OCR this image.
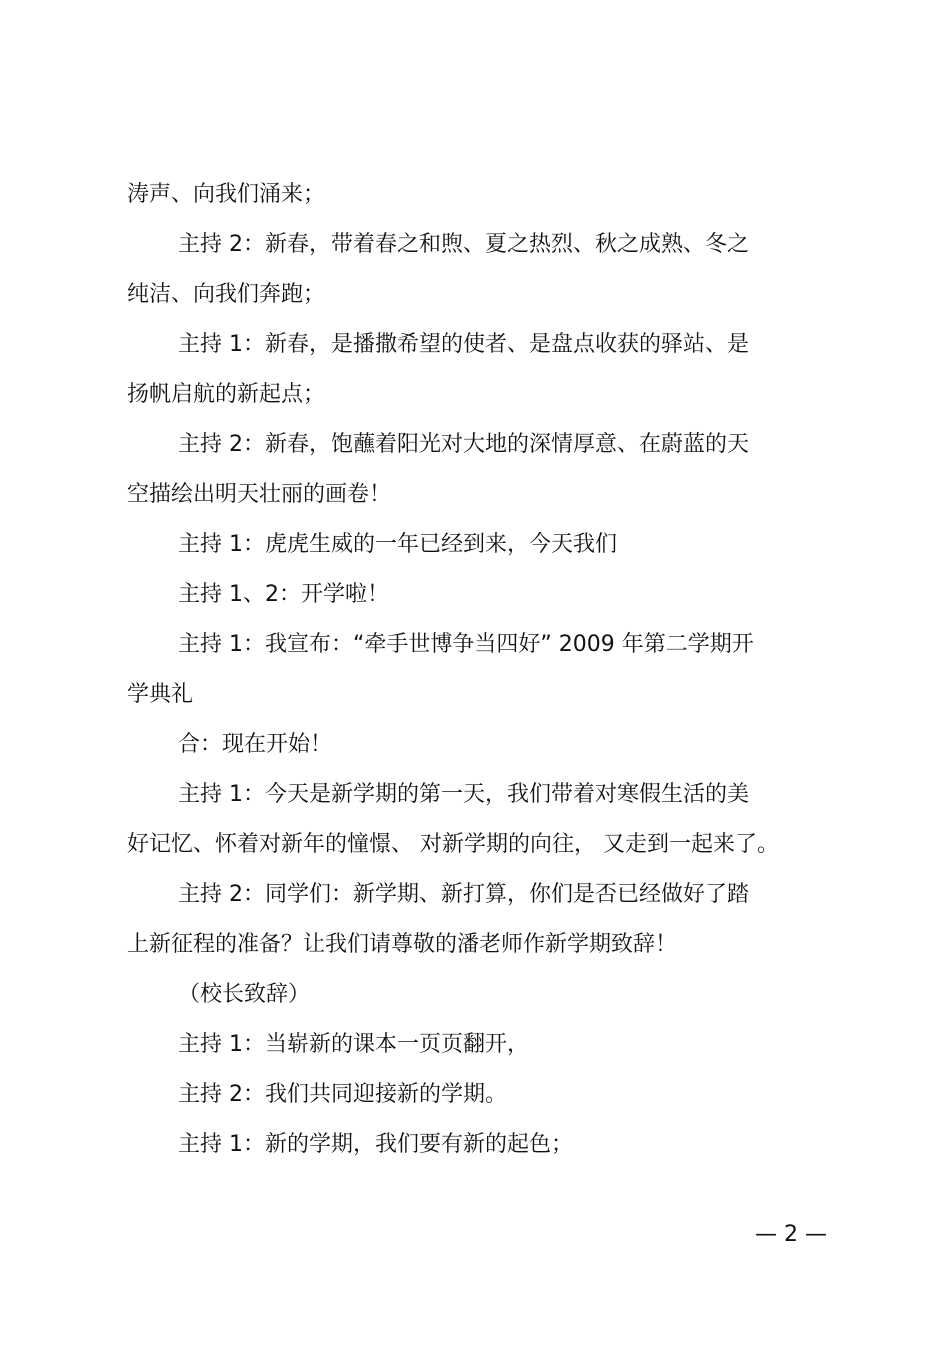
涛声、向我们涌来；
主持 2：新春，带着春之和煦、夏之热烈、秋之成熟、冬之
纯洁、向我们奔跑；
主持 1：新春，是播撒希望的使者、是盘点收获的驿站、是
扬帆启航的新起点；
主持 2：新春，饱蘸着阳光对大地的深情厚意、在蔚蓝的天
空描绘出明天壮丽的画卷！
主持 1：虎虎生威的一年已经到来，今天我们
主持 1、2：开学啦！
主持 1：我宣布：“牵手世博争当四好” 2009 年第二学期开
学典礼
合：现在开始！
主持 1：今天是新学期的第一天，我们带着对寒假生活的美
好记忆、怀着对新年的憧憬、 对新学期的向往， 又走到一起来了。
主持 2：同学们：新学期、新打算，你们是否已经做好了踏
上新征程的准备？让我们请尊敬的潘老师作新学期致辞！
（校长致辞）
主持 1：当崭新的课本一页页翻开，
主持 2：我们共同迎接新的学期。
主持 1：新的学期，我们要有新的起色；
— 2 —
